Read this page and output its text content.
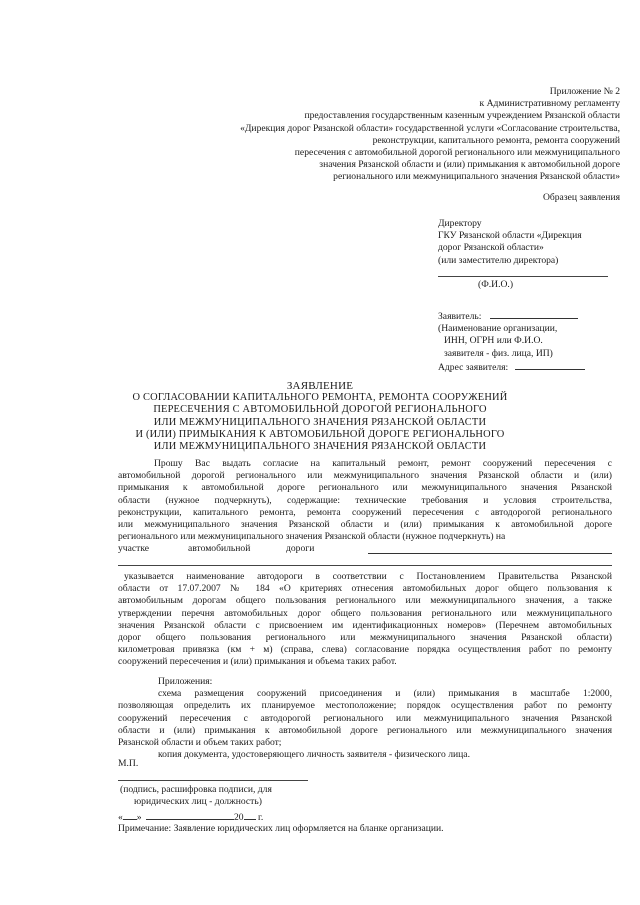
Приложение № 2
к Административному регламенту
предоставления государственным казенным учреждением Рязанской области
«Дирекция дорог Рязанской области» государственной услуги «Согласование строительства,
реконструкции, капитального ремонта, ремонта сооружений
пересечения с автомобильной дорогой регионального или межмуниципального
значения Рязанской области и (или) примыкания к автомобильной дороге
регионального или межмуниципального значения Рязанской области»
Образец заявления
Директору
ГКУ Рязанской области «Дирекция
дорог Рязанской области»
(или заместителю директора)
(Ф.И.О.)
Заявитель:
(Наименование организации,
ИНН, ОГРН или Ф.И.О.
заявителя - физ. лица, ИП)
Адрес заявителя:
ЗАЯВЛЕНИЕ
О СОГЛАСОВАНИИ КАПИТАЛЬНОГО РЕМОНТА, РЕМОНТА СООРУЖЕНИЙ
ПЕРЕСЕЧЕНИЯ С АВТОМОБИЛЬНОЙ ДОРОГОЙ РЕГИОНАЛЬНОГО
ИЛИ МЕЖМУНИЦИПАЛЬНОГО ЗНАЧЕНИЯ РЯЗАНСКОЙ ОБЛАСТИ
И (ИЛИ) ПРИМЫКАНИЯ К АВТОМОБИЛЬНОЙ ДОРОГЕ РЕГИОНАЛЬНОГО
ИЛИ МЕЖМУНИЦИПАЛЬНОГО ЗНАЧЕНИЯ РЯЗАНСКОЙ ОБЛАСТИ
Прошу Вас выдать согласие на капитальный ремонт, ремонт сооружений пересечения с
автомобильной дорогой регионального или межмуниципального значения Рязанской области и (или)
примыкания к автомобильной дороге регионального или межмуниципального значения Рязанской
области (нужное подчеркнуть), содержащие: технические требования и условия строительства,
реконструкции, капитального ремонта, ремонта сооружений пересечения с автодорогой регионального
или межмуниципального значения Рязанской области и (или) примыкания к автомобильной дороге
регионального или межмуниципального значения Рязанской области (нужное подчеркнуть) на
участке	автомобильной	дороги
указывается наименование автодороги в соответствии с Постановлением Правительства Рязанской
области от 17.07.2007 № 184 «О критериях отнесения автомобильных дорог общего пользования к
автомобильным дорогам общего пользования регионального или межмуниципального значения, а также
утверждении перечня автомобильных дорог общего пользования регионального или межмуниципального
значения Рязанской области с присвоением им идентификационных номеров» (Перечнем автомобильных
дорог общего пользования регионального или межмуниципального значения Рязанской области)
километровая привязка (км + м) (справа, слева) согласование порядка осуществления работ по ремонту
сооружений пересечения и (или) примыкания и объема таких работ.
Приложения:
схема размещения сооружений присоединения и (или) примыкания в масштабе 1:2000,
позволяющая определить их планируемое местоположение; порядок осуществления работ по ремонту
сооружений пересечения с автодорогой регионального или межмуниципального значения Рязанской
области и (или) примыкания к автомобильной дороге регионального или межмуниципального значения
Рязанской области и объем таких работ;
копия документа, удостоверяющего личность заявителя - физического лица.
М.П.
(подпись, расшифровка подписи, для
юридических лиц - должность)
« »	20 г.
Примечание: Заявление юридических лиц оформляется на бланке организации.
